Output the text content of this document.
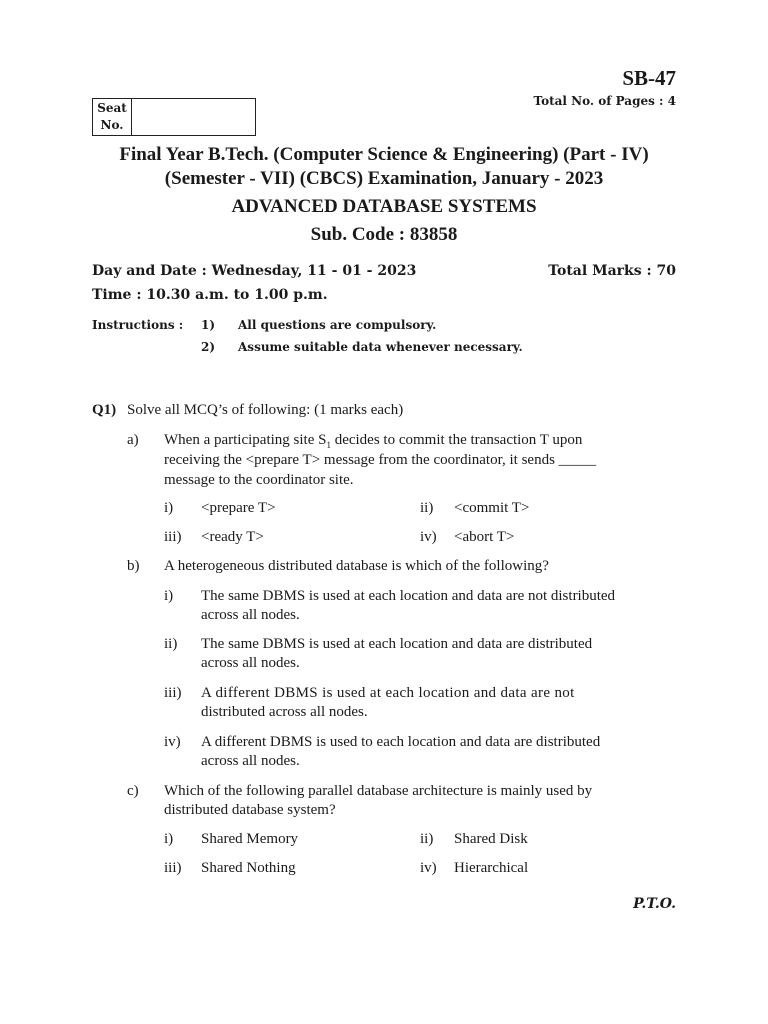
SB-47
Total No. of Pages : 4
Seat
No.
Final Year B.Tech. (Computer Science & Engineering) (Part - IV)
(Semester - VII) (CBCS) Examination, January - 2023
ADVANCED DATABASE SYSTEMS
Sub. Code : 83858
Day and Date : Wednesday, 11 - 01 - 2023	Total Marks : 70
Time : 10.30 a.m. to 1.00 p.m.
Instructions : 1) All questions are compulsory.
2) Assume suitable data whenever necessary.
Q1) Solve all MCQ’s of following: (1 marks each)
a) When a participating site $S_1$ decides to commit the transaction T upon
receiving the <prepare T> message from the coordinator, it sends _____
message to the coordinator site.
i) <prepare T>	ii) <commit T>
iii) <ready T>	iv) <abort T>
b) A heterogeneous distributed database is which of the following?
i) The same DBMS is used at each location and data are not distributed
across all nodes.
ii) The same DBMS is used at each location and data are distributed
across all nodes.
iii) A different DBMS is used at each location and data are not
distributed across all nodes.
iv) A different DBMS is used to each location and data are distributed
across all nodes.
c) Which of the following parallel database architecture is mainly used by
distributed database system?
i) Shared Memory	ii) Shared Disk
iii) Shared Nothing	iv) Hierarchical
P.T.O.
